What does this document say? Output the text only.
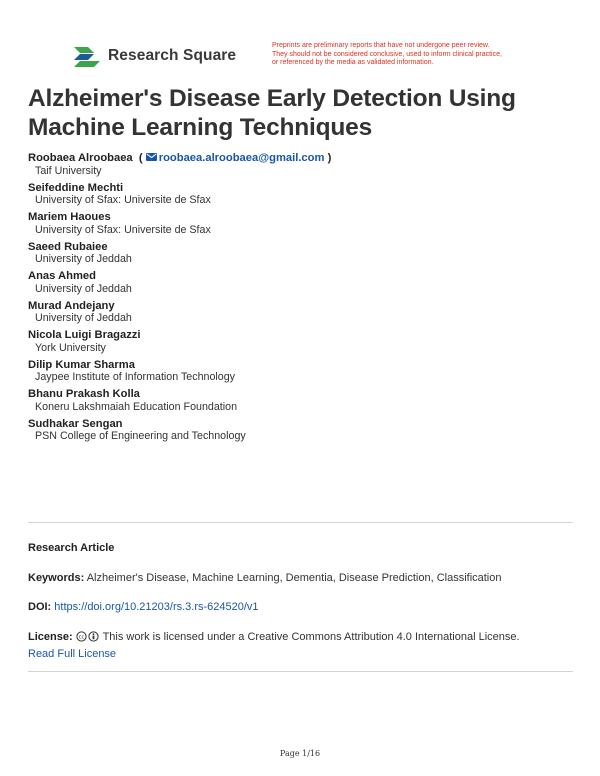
Research Square
Preprints are preliminary reports that have not undergone peer review.
They should not be considered conclusive, used to inform clinical practice,
or referenced by the media as validated information.
Alzheimer's Disease Early Detection Using Machine Learning Techniques
Roobaea Alroobaea ( roobaea.alroobaea@gmail.com )
Taif University
Seifeddine Mechti
University of Sfax: Universite de Sfax
Mariem Haoues
University of Sfax: Universite de Sfax
Saeed Rubaiee
University of Jeddah
Anas Ahmed
University of Jeddah
Murad Andejany
University of Jeddah
Nicola Luigi Bragazzi
York University
Dilip Kumar Sharma
Jaypee Institute of Information Technology
Bhanu Prakash Kolla
Koneru Lakshmaiah Education Foundation
Sudhakar Sengan
PSN College of Engineering and Technology
Research Article
Keywords: Alzheimer's Disease, Machine Learning, Dementia, Disease Prediction, Classification
DOI: https://doi.org/10.21203/rs.3.rs-624520/v1
License: cc This work is licensed under a Creative Commons Attribution 4.0 International License.
Read Full License
Page 1/16
